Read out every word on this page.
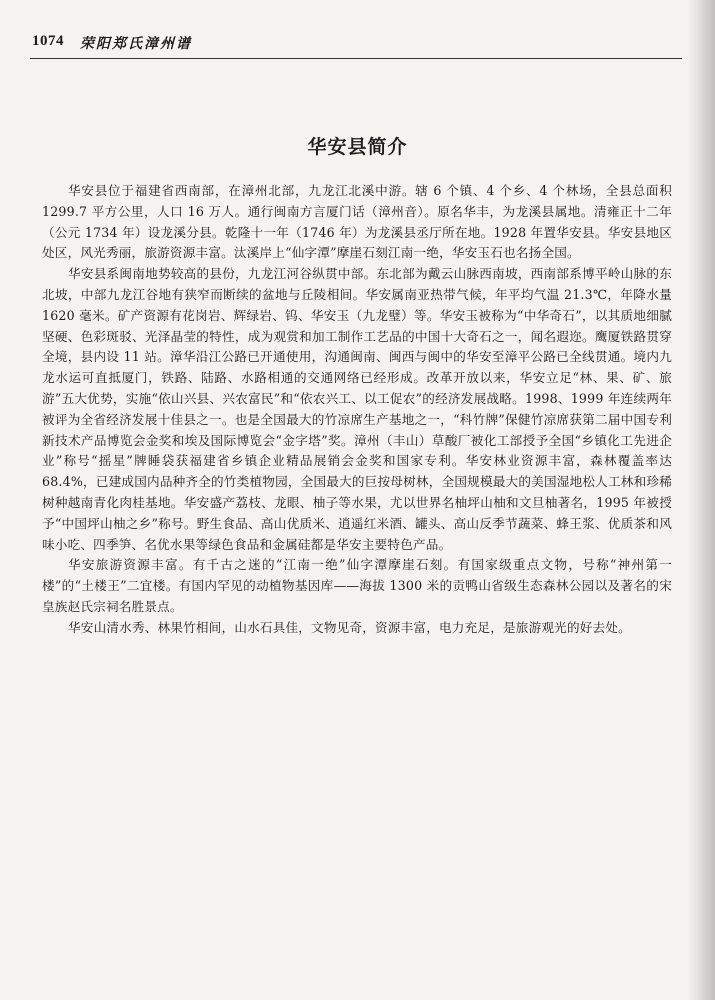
1074 荣阳郑氏漳州谱
华安县简介

华安县位于福建省西南部，在漳州北部，九龙江北溪中游。辖 6 个镇、4 个乡、4 个林场，全县总面积 1299.7 平方公里，人口 16 万人。通行闽南方言厦门话（漳州音）。原名华丰，为龙溪县属地。清雍正十二年（公元 1734 年）设龙溪分县。乾隆十一年（1746 年）为龙溪县丞厅所在地。1928 年置华安县。华安县地区处区，风光秀丽，旅游资源丰富。汰溪岸上“仙字潭”摩崖石刻江南一绝，华安玉石也名扬全国。

华安县系闽南地势较高的县份，九龙江河谷纵贯中部。东北部为戴云山脉西南坡，西南部系博平岭山脉的东北坡，中部九龙江谷地有狭窄而断续的盆地与丘陵相间。华安属南亚热带气候，年平均气温 21.3℃，年降水量 1620 毫米。矿产资源有花岗岩、辉绿岩、钨、华安玉（九龙璧）等。华安玉被称为“中华奇石”，以其质地细腻坚硬、色彩斑驳、光泽晶莹的特性，成为观赏和加工制作工艺品的中国十大奇石之一，闻名遐迩。鹰厦铁路贯穿全境，县内设 11 站。漳华沿江公路已开通使用，沟通闽南、闽西与闽中的华安至漳平公路已全线贯通。境内九龙水运可直抵厦门，铁路、陆路、水路相通的交通网络已经形成。改革开放以来，华安立足“林、果、矿、旅游”五大优势，实施“依山兴县、兴农富民”和“依农兴工、以工促农”的经济发展战略。1998、1999 年连续两年被评为全省经济发展十佳县之一。也是全国最大的竹凉席生产基地之一，“科竹牌”保健竹凉席获第二届中国专利新技术产品博览会金奖和埃及国际博览会“金字塔”奖。漳州（丰山）草酸厂被化工部授予全国“乡镇化工先进企业”称号“摇星”牌睡袋获福建省乡镇企业精品展销会金奖和国家专利。华安林业资源丰富，森林覆盖率达 68.4%，已建成国内品种齐全的竹类植物园，全国最大的巨按母树林，全国规模最大的美国湿地松人工林和珍稀树种越南青化肉桂基地。华安盛产荔枝、龙眼、柚子等水果，尤以世界名柚坪山柚和文旦柚著名，1995 年被授予“中国坪山柚之乡”称号。野生食品、高山优质米、逍遥红米酒、罐头、高山反季节蔬菜、蜂王浆、优质茶和风味小吃、四季笋、名优水果等绿色食品和金属硅都是华安主要特色产品。

华安旅游资源丰富。有千古之迷的“江南一绝”仙字潭摩崖石刻。有国家级重点文物，号称“神州第一楼”的“土楼王”二宜楼。有国内罕见的动植物基因库——海拔 1300 米的贡鸭山省级生态森林公园以及著名的宋皇族赵氏宗祠名胜景点。

华安山清水秀、林果竹相间，山水石具佳，文物见奇，资源丰富，电力充足，是旅游观光的好去处。
